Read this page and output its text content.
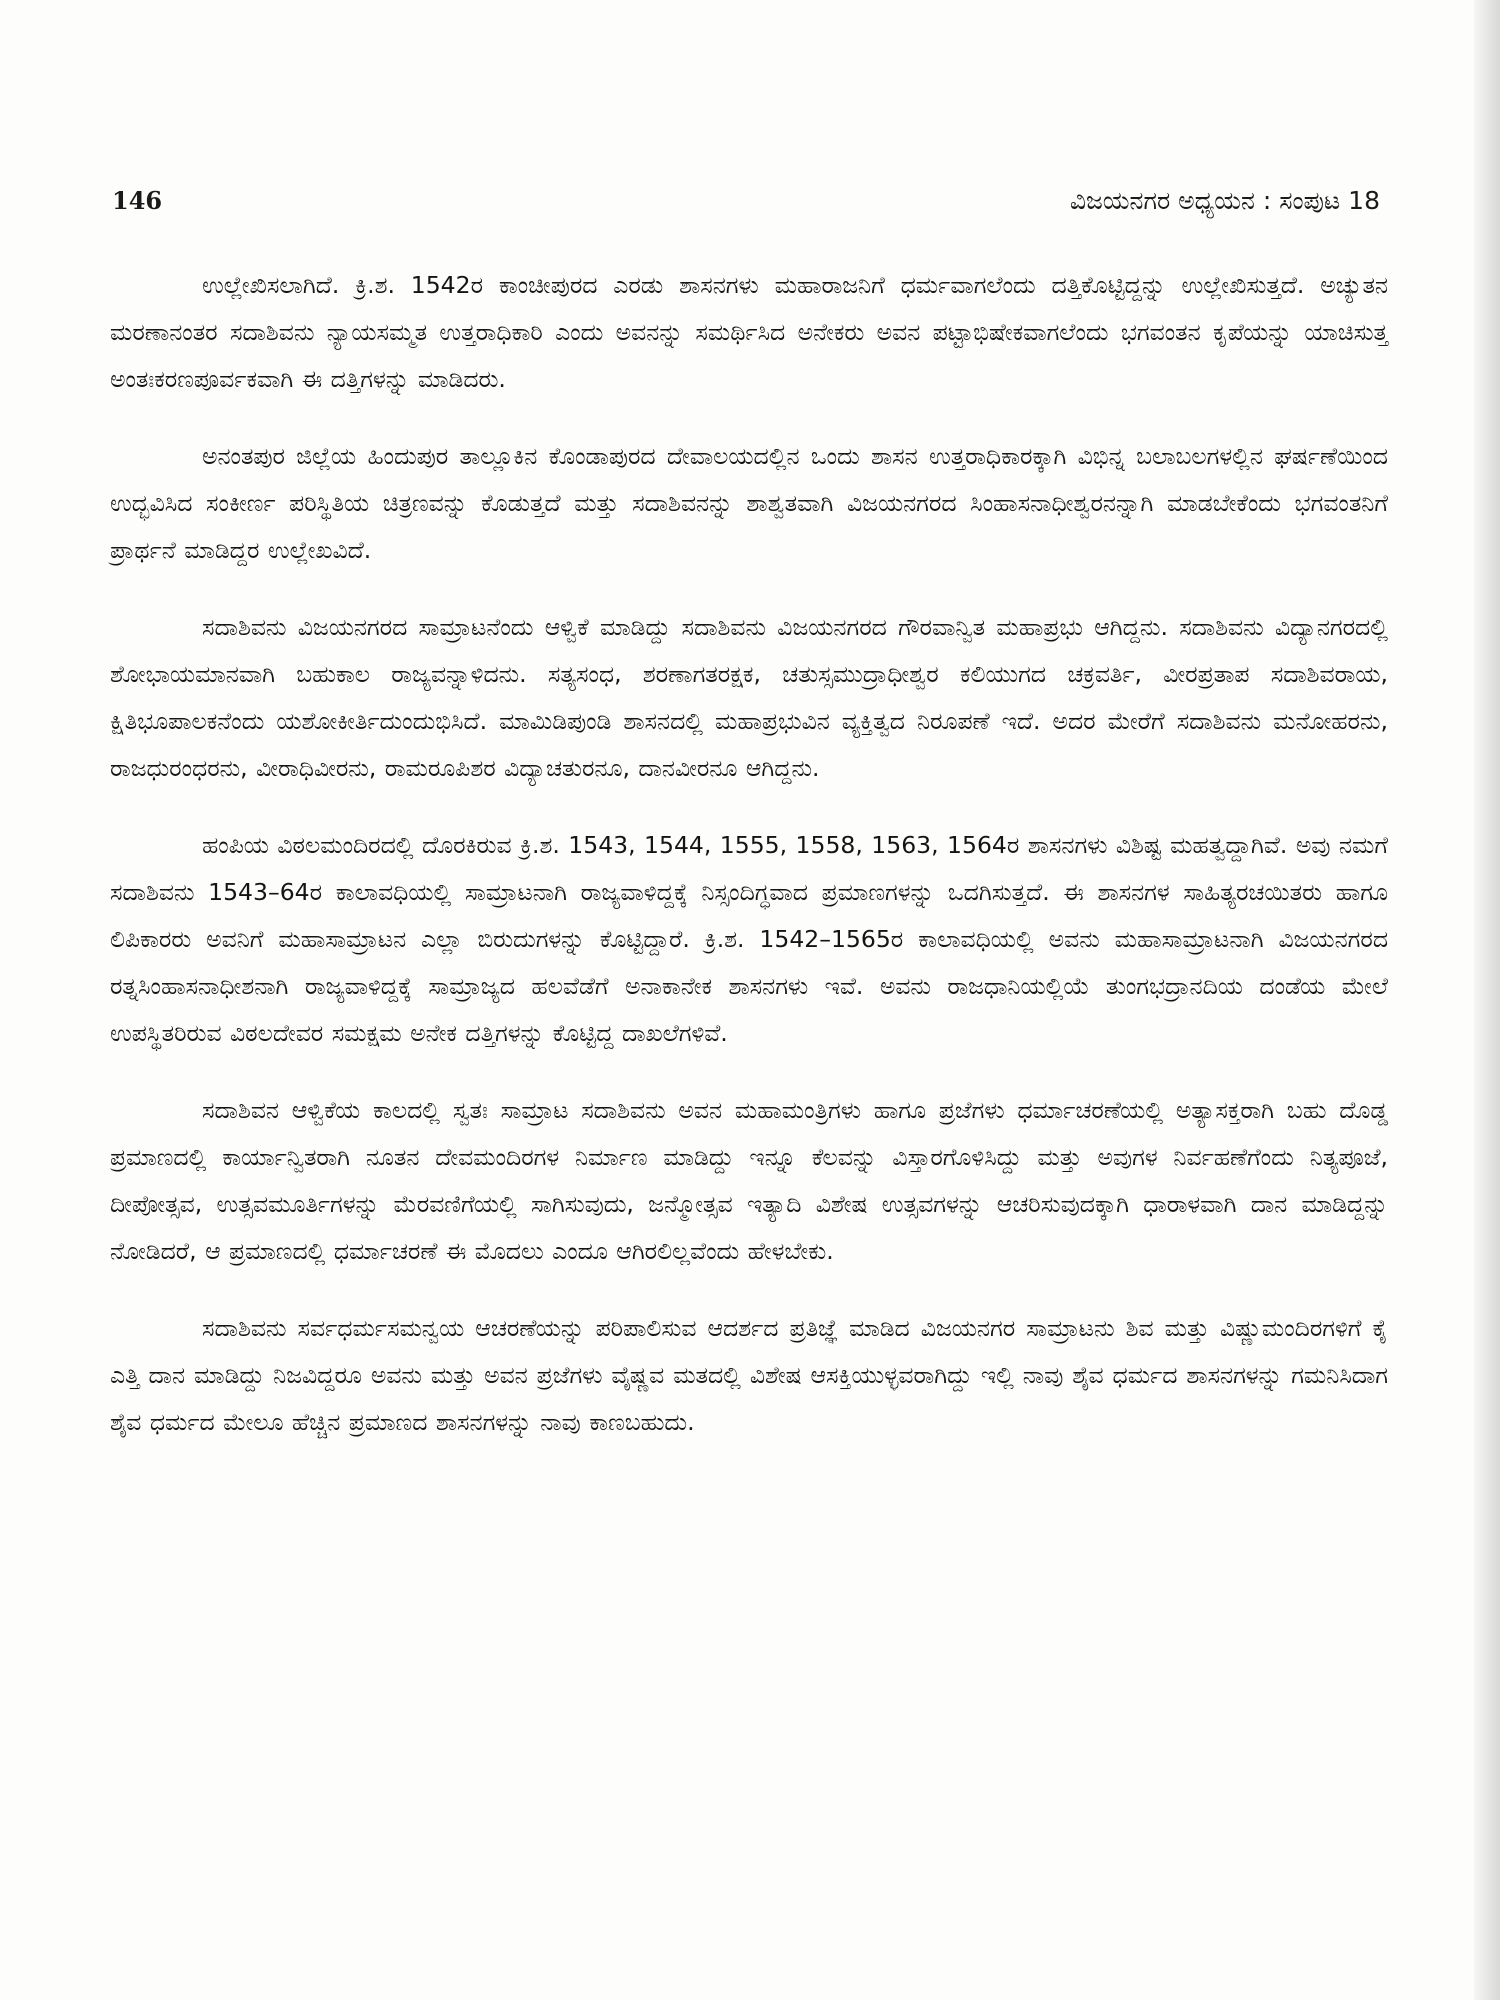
146	ವಿಜಯನಗರ ಅಧ್ಯಯನ : ಸಂಪುಟ 18

ಉಲ್ಲೇಖಿಸಲಾಗಿದೆ. ಕ್ರಿ.ಶ. 1542ರ ಕಾಂಚೀಪುರದ ಎರಡು ಶಾಸನಗಳು ಮಹಾರಾಜನಿಗೆ ಧರ್ಮವಾಗಲೆಂದು ದತ್ತಿಕೊಟ್ಟಿದ್ದನ್ನು ಉಲ್ಲೇಖಿಸುತ್ತದೆ. ಅಚ್ಯುತನ ಮರಣಾನಂತರ ಸದಾಶಿವನು ನ್ಯಾಯಸಮ್ಮತ ಉತ್ತರಾಧಿಕಾರಿ ಎಂದು ಅವನನ್ನು ಸಮರ್ಥಿಸಿದ ಅನೇಕರು ಅವನ ಪಟ್ಟಾಭಿಷೇಕವಾಗಲೆಂದು ಭಗವಂತನ ಕೃಪೆಯನ್ನು ಯಾಚಿಸುತ್ತ ಅಂತಃಕರಣಪೂರ್ವಕವಾಗಿ ಈ ದತ್ತಿಗಳನ್ನು ಮಾಡಿದರು.

ಅನಂತಪುರ ಜಿಲ್ಲೆಯ ಹಿಂದುಪುರ ತಾಲ್ಲೂಕಿನ ಕೊಂಡಾಪುರದ ದೇವಾಲಯದಲ್ಲಿನ ಒಂದು ಶಾಸನ ಉತ್ತರಾಧಿಕಾರಕ್ಕಾಗಿ ವಿಭಿನ್ನ ಬಲಾಬಲಗಳಲ್ಲಿನ ಘರ್ಷಣೆಯಿಂದ ಉದ್ಭವಿಸಿದ ಸಂಕೀರ್ಣ ಪರಿಸ್ಥಿತಿಯ ಚಿತ್ರಣವನ್ನು ಕೊಡುತ್ತದೆ ಮತ್ತು ಸದಾಶಿವನನ್ನು ಶಾಶ್ವತವಾಗಿ ವಿಜಯನಗರದ ಸಿಂಹಾಸನಾಧೀಶ್ವರನನ್ನಾಗಿ ಮಾಡಬೇಕೆಂದು ಭಗವಂತನಿಗೆ ಪ್ರಾರ್ಥನೆ ಮಾಡಿದ್ದರ ಉಲ್ಲೇಖವಿದೆ.

ಸದಾಶಿವನು ವಿಜಯನಗರದ ಸಾಮ್ರಾಟನೆಂದು ಆಳ್ವಿಕೆ ಮಾಡಿದ್ದು ಸದಾಶಿವನು ವಿಜಯನಗರದ ಗೌರವಾನ್ವಿತ ಮಹಾಪ್ರಭು ಆಗಿದ್ದನು. ಸದಾಶಿವನು ವಿದ್ಯಾನಗರದಲ್ಲಿ ಶೋಭಾಯಮಾನವಾಗಿ ಬಹುಕಾಲ ರಾಜ್ಯವನ್ನಾಳಿದನು. ಸತ್ಯಸಂಧ, ಶರಣಾಗತರಕ್ಷಕ, ಚತುಸ್ಸಮುದ್ರಾಧೀಶ್ವರ ಕಲಿಯುಗದ ಚಕ್ರವರ್ತಿ, ವೀರಪ್ರತಾಪ ಸದಾಶಿವರಾಯ, ಕ್ಷಿತಿಭೂಪಾಲಕನೆಂದು ಯಶೋಕೀರ್ತಿದುಂದುಭಿಸಿದೆ. ಮಾಮಿಡಿಪುಂಡಿ ಶಾಸನದಲ್ಲಿ ಮಹಾಪ್ರಭುವಿನ ವ್ಯಕ್ತಿತ್ವದ ನಿರೂಪಣೆ ಇದೆ. ಅದರ ಮೇರೆಗೆ ಸದಾಶಿವನು ಮನೋಹರನು, ರಾಜಧುರಂಧರನು, ವೀರಾಧಿವೀರನು, ರಾಮರೂಪಿಶರ ವಿದ್ಯಾಚತುರನೂ, ದಾನವೀರನೂ ಆಗಿದ್ದನು.

ಹಂಪಿಯ ವಿಠಲಮಂದಿರದಲ್ಲಿ ದೊರಕಿರುವ ಕ್ರಿ.ಶ. 1543, 1544, 1555, 1558, 1563, 1564ರ ಶಾಸನಗಳು ವಿಶಿಷ್ಟ ಮಹತ್ವದ್ದಾಗಿವೆ. ಅವು ನಮಗೆ ಸದಾಶಿವನು 1543–64ರ ಕಾಲಾವಧಿಯಲ್ಲಿ ಸಾಮ್ರಾಟನಾಗಿ ರಾಜ್ಯವಾಳಿದ್ದಕ್ಕೆ ನಿಸ್ಸಂದಿಗ್ಧವಾದ ಪ್ರಮಾಣಗಳನ್ನು ಒದಗಿಸುತ್ತದೆ. ಈ ಶಾಸನಗಳ ಸಾಹಿತ್ಯರಚಯಿತರು ಹಾಗೂ ಲಿಪಿಕಾರರು ಅವನಿಗೆ ಮಹಾಸಾಮ್ರಾಟನ ಎಲ್ಲಾ ಬಿರುದುಗಳನ್ನು ಕೊಟ್ಟಿದ್ದಾರೆ. ಕ್ರಿ.ಶ. 1542–1565ರ ಕಾಲಾವಧಿಯಲ್ಲಿ ಅವನು ಮಹಾಸಾಮ್ರಾಟನಾಗಿ ವಿಜಯನಗರದ ರತ್ನಸಿಂಹಾಸನಾಧೀಶನಾಗಿ ರಾಜ್ಯವಾಳಿದ್ದಕ್ಕೆ ಸಾಮ್ರಾಜ್ಯದ ಹಲವೆಡೆಗೆ ಅನಾಕಾನೇಕ ಶಾಸನಗಳು ಇವೆ. ಅವನು ರಾಜಧಾನಿಯಲ್ಲಿಯೆ ತುಂಗಭದ್ರಾನದಿಯ ದಂಡೆಯ ಮೇಲೆ ಉಪಸ್ಥಿತರಿರುವ ವಿಠಲದೇವರ ಸಮಕ್ಷಮ ಅನೇಕ ದತ್ತಿಗಳನ್ನು ಕೊಟ್ಟಿದ್ದ ದಾಖಲೆಗಳಿವೆ.

ಸದಾಶಿವನ ಆಳ್ವಿಕೆಯ ಕಾಲದಲ್ಲಿ ಸ್ವತಃ ಸಾಮ್ರಾಟ ಸದಾಶಿವನು ಅವನ ಮಹಾಮಂತ್ರಿಗಳು ಹಾಗೂ ಪ್ರಜೆಗಳು ಧರ್ಮಾಚರಣೆಯಲ್ಲಿ ಅತ್ಯಾಸಕ್ತರಾಗಿ ಬಹು ದೊಡ್ಡ ಪ್ರಮಾಣದಲ್ಲಿ ಕಾರ್ಯಾನ್ವಿತರಾಗಿ ನೂತನ ದೇವಮಂದಿರಗಳ ನಿರ್ಮಾಣ ಮಾಡಿದ್ದು ಇನ್ನೂ ಕೆಲವನ್ನು ವಿಸ್ತಾರಗೊಳಿಸಿದ್ದು ಮತ್ತು ಅವುಗಳ ನಿರ್ವಹಣೆಗೆಂದು ನಿತ್ಯಪೂಜೆ, ದೀಪೋತ್ಸವ, ಉತ್ಸವಮೂರ್ತಿಗಳನ್ನು ಮೆರವಣಿಗೆಯಲ್ಲಿ ಸಾಗಿಸುವುದು, ಜನ್ಮೋತ್ಸವ ಇತ್ಯಾದಿ ವಿಶೇಷ ಉತ್ಸವಗಳನ್ನು ಆಚರಿಸುವುದಕ್ಕಾಗಿ ಧಾರಾಳವಾಗಿ ದಾನ ಮಾಡಿದ್ದನ್ನು ನೋಡಿದರೆ, ಆ ಪ್ರಮಾಣದಲ್ಲಿ ಧರ್ಮಾಚರಣೆ ಈ ಮೊದಲು ಎಂದೂ ಆಗಿರಲಿಲ್ಲವೆಂದು ಹೇಳಬೇಕು.

ಸದಾಶಿವನು ಸರ್ವಧರ್ಮಸಮನ್ವಯ ಆಚರಣೆಯನ್ನು ಪರಿಪಾಲಿಸುವ ಆದರ್ಶದ ಪ್ರತಿಜ್ಞೆ ಮಾಡಿದ ವಿಜಯನಗರ ಸಾಮ್ರಾಟನು ಶಿವ ಮತ್ತು ವಿಷ್ಣುಮಂದಿರಗಳಿಗೆ ಕೈ ಎತ್ತಿ ದಾನ ಮಾಡಿದ್ದು ನಿಜವಿದ್ದರೂ ಅವನು ಮತ್ತು ಅವನ ಪ್ರಜೆಗಳು ವೈಷ್ಣವ ಮತದಲ್ಲಿ ವಿಶೇಷ ಆಸಕ್ತಿಯುಳ್ಳವರಾಗಿದ್ದು ಇಲ್ಲಿ ನಾವು ಶೈವ ಧರ್ಮದ ಶಾಸನಗಳನ್ನು ಗಮನಿಸಿದಾಗ ಶೈವ ಧರ್ಮದ ಮೇಲೂ ಹೆಚ್ಚಿನ ಪ್ರಮಾಣದ ಶಾಸನಗಳನ್ನು ನಾವು ಕಾಣಬಹುದು.
